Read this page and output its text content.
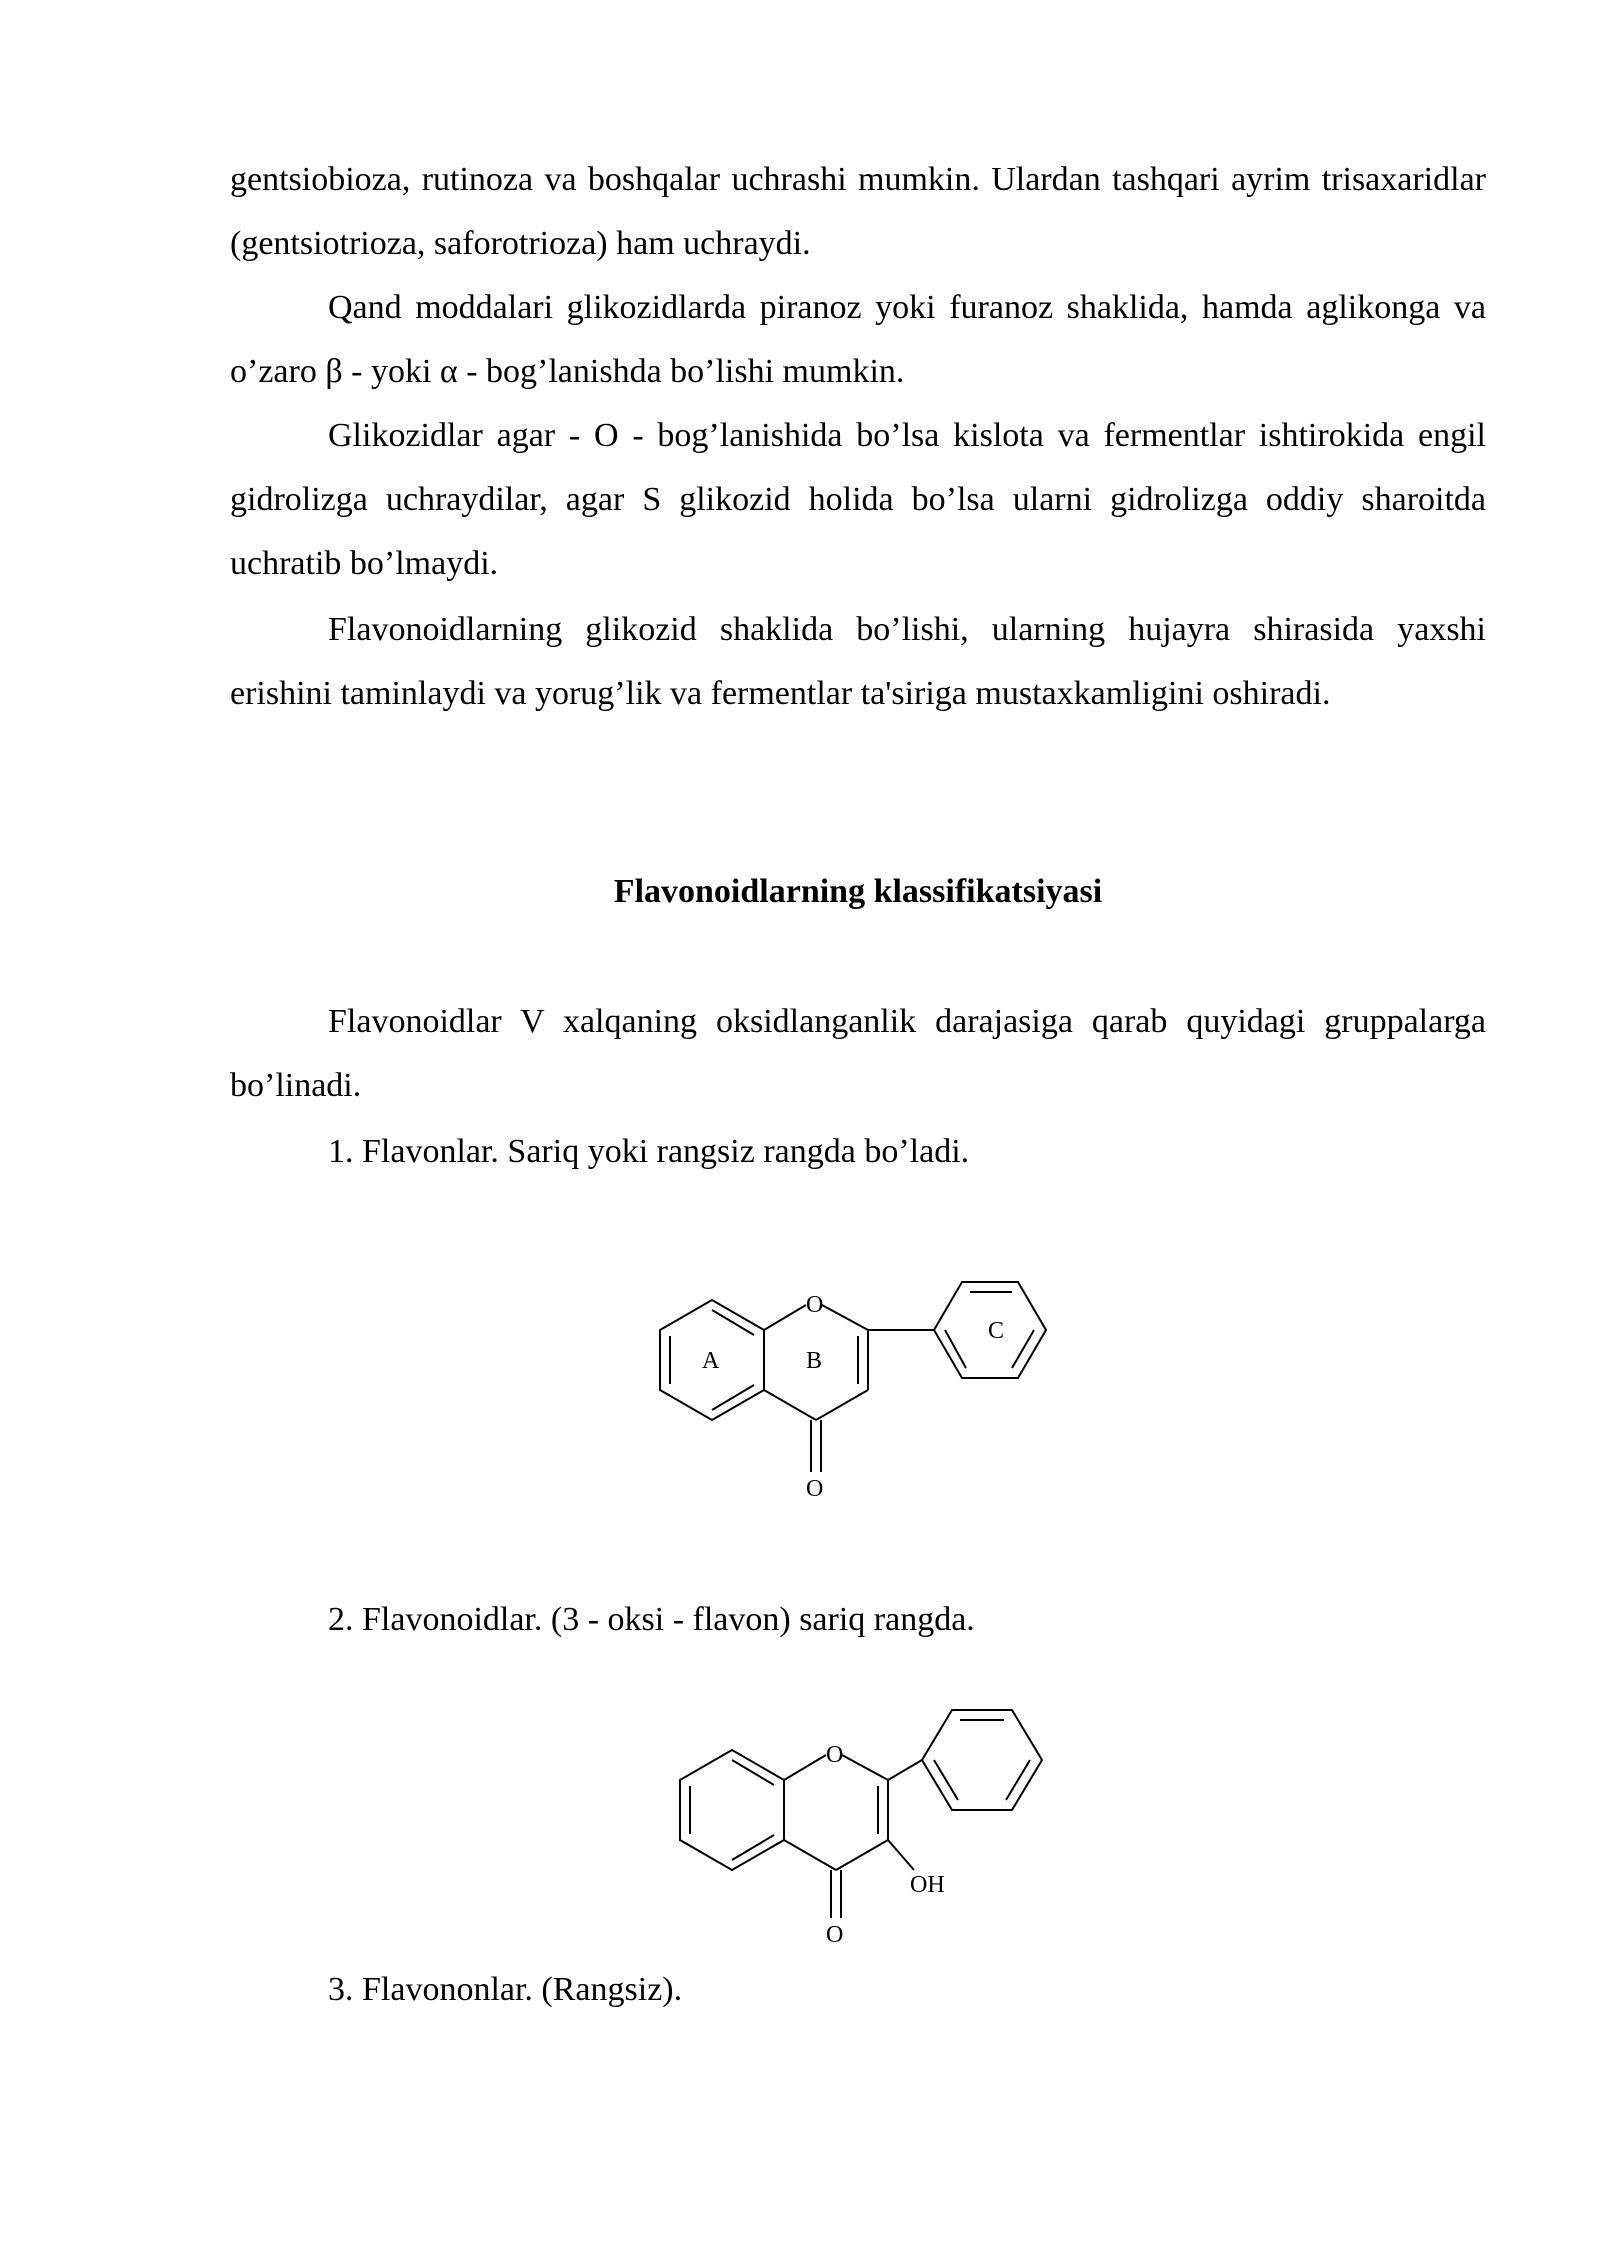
gentsiobioza, rutinoza va boshqalar uchrashi mumkin. Ulardan tashqari ayrim trisaxaridlar (gentsiotrioza, saforotrioza) ham uchraydi.

Qand moddalari glikozidlarda piranoz yoki furanoz shaklida, hamda aglikonga va o’zaro β - yoki α - bog’lanishda bo’lishi mumkin.

Glikozidlar agar - O - bog’lanishida bo’lsa kislota va fermentlar ishtirokida engil gidrolizga uchraydilar, agar S glikozid holida bo’lsa ularni gidrolizga oddiy sharoitda uchratib bo’lmaydi.

Flavonoidlarning glikozid shaklida bo’lishi, ularning hujayra shirasida yaxshi erishini taminlaydi va yorug’lik va fermentlar ta'siriga mustaxkamligini oshiradi.

Flavonoidlarning klassifikatsiyasi

Flavonoidlar V xalqaning oksidlanganlik darajasiga qarab quyidagi gruppalarga bo’linadi.

1. Flavonlar. Sariq yoki rangsiz rangda bo’ladi.

O
O
A	B
C

2. Flavonoidlar. (3 - oksi - flavon) sariq rangda.

O
O
OH

3. Flavononlar. (Rangsiz).
